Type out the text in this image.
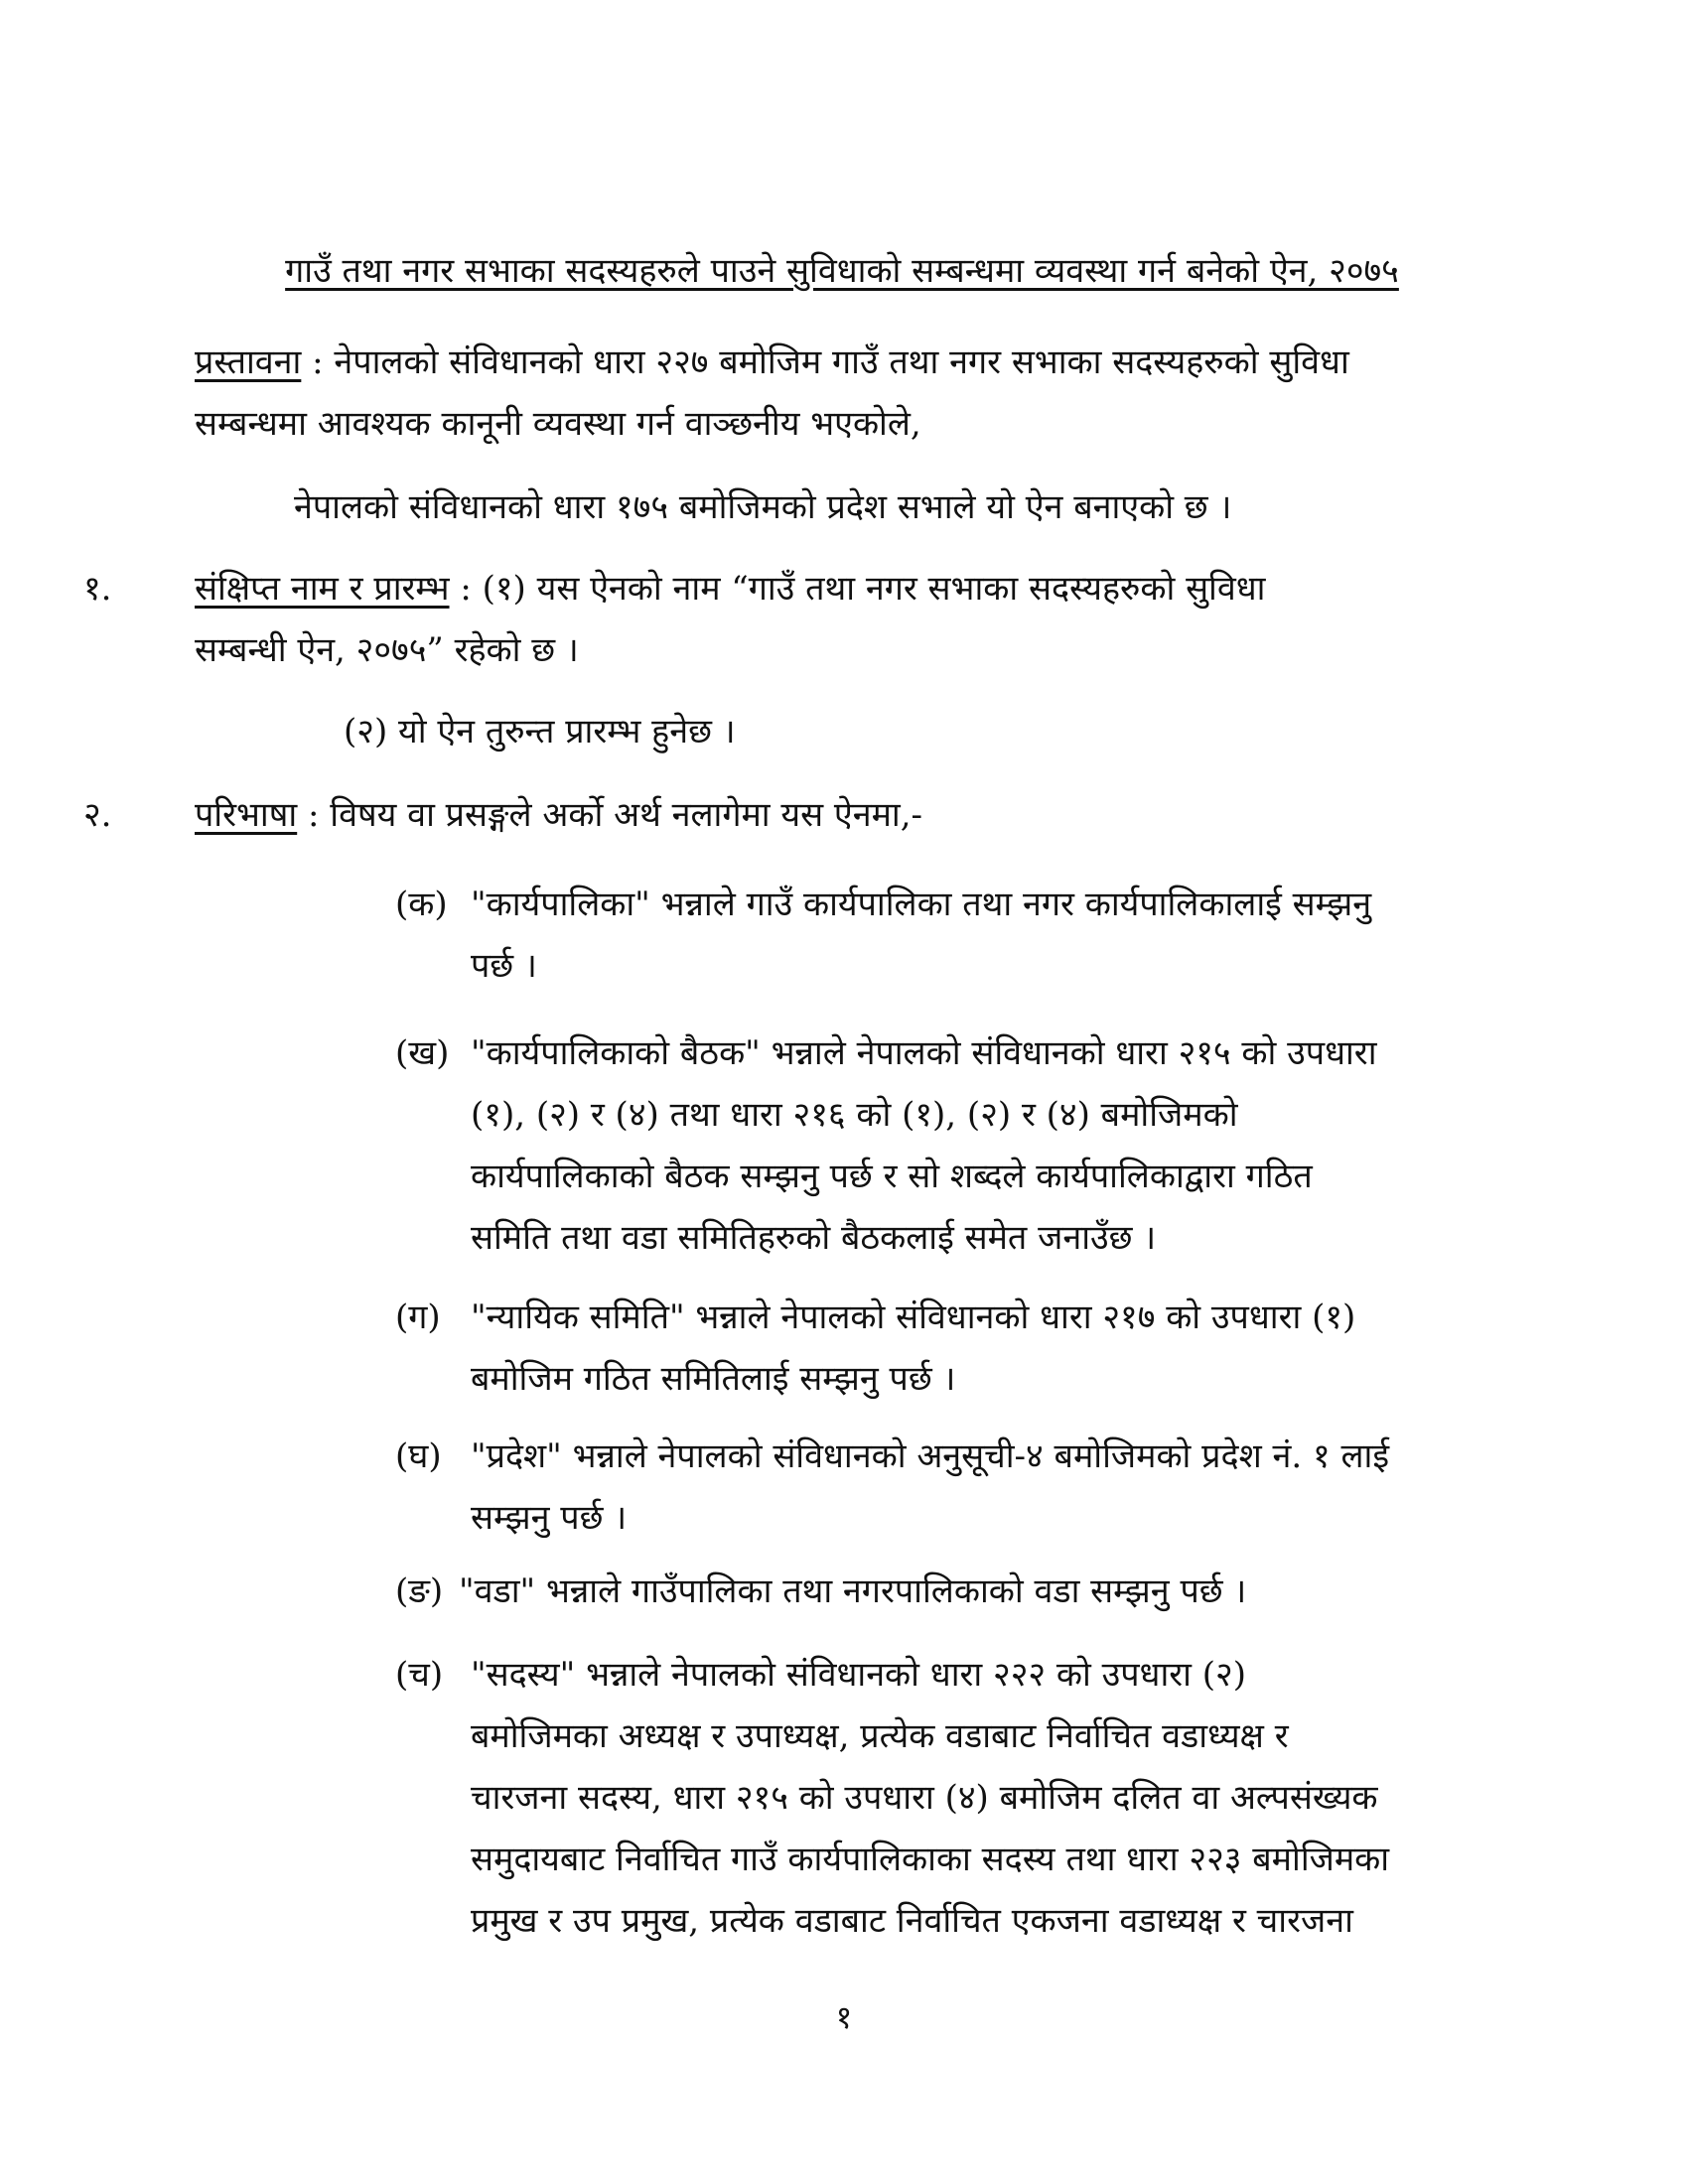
गाउँ तथा नगर सभाका सदस्यहरुले पाउने सुविधाको सम्बन्धमा व्यवस्था गर्न बनेको ऐन, २०७५
प्रस्तावना : नेपालको संविधानको धारा २२७ बमोजिम गाउँ तथा नगर सभाका सदस्यहरुको सुविधा
सम्बन्धमा आवश्यक कानूनी व्यवस्था गर्न वाञ्छनीय भएकोले,
नेपालको संविधानको धारा १७५ बमोजिमको प्रदेश सभाले यो ऐन बनाएको छ ।
१. संक्षिप्त नाम र प्रारम्भ : (१) यस ऐनको नाम “गाउँ तथा नगर सभाका सदस्यहरुको सुविधा
सम्बन्धी ऐन, २०७५” रहेको छ ।
(२) यो ऐन तुरुन्त प्रारम्भ हुनेछ ।
२. परिभाषा : विषय वा प्रसङ्गले अर्को अर्थ नलागेमा यस ऐनमा,-
(क) "कार्यपालिका" भन्नाले गाउँ कार्यपालिका तथा नगर कार्यपालिकालाई सम्झनु
पर्छ ।
(ख) "कार्यपालिकाको बैठक" भन्नाले नेपालको संविधानको धारा २१५ को उपधारा
(१), (२) र (४) तथा धारा २१६ को (१), (२) र (४) बमोजिमको
कार्यपालिकाको बैठक सम्झनु पर्छ र सो शब्दले कार्यपालिकाद्वारा गठित
समिति तथा वडा समितिहरुको बैठकलाई समेत जनाउँछ ।
(ग) "न्यायिक समिति" भन्नाले नेपालको संविधानको धारा २१७ को उपधारा (१)
बमोजिम गठित समितिलाई सम्झनु पर्छ ।
(घ) "प्रदेश" भन्नाले नेपालको संविधानको अनुसूची-४ बमोजिमको प्रदेश नं. १ लाई
सम्झनु पर्छ ।
(ङ) "वडा" भन्नाले गाउँपालिका तथा नगरपालिकाको वडा सम्झनु पर्छ ।
(च) "सदस्य" भन्नाले नेपालको संविधानको धारा २२२ को उपधारा (२)
बमोजिमका अध्यक्ष र उपाध्यक्ष, प्रत्येक वडाबाट निर्वाचित वडाध्यक्ष र
चारजना सदस्य, धारा २१५ को उपधारा (४) बमोजिम दलित वा अल्पसंख्यक
समुदायबाट निर्वाचित गाउँ कार्यपालिकाका सदस्य तथा धारा २२३ बमोजिमका
प्रमुख र उप प्रमुख, प्रत्येक वडाबाट निर्वाचित एकजना वडाध्यक्ष र चारजना
१
